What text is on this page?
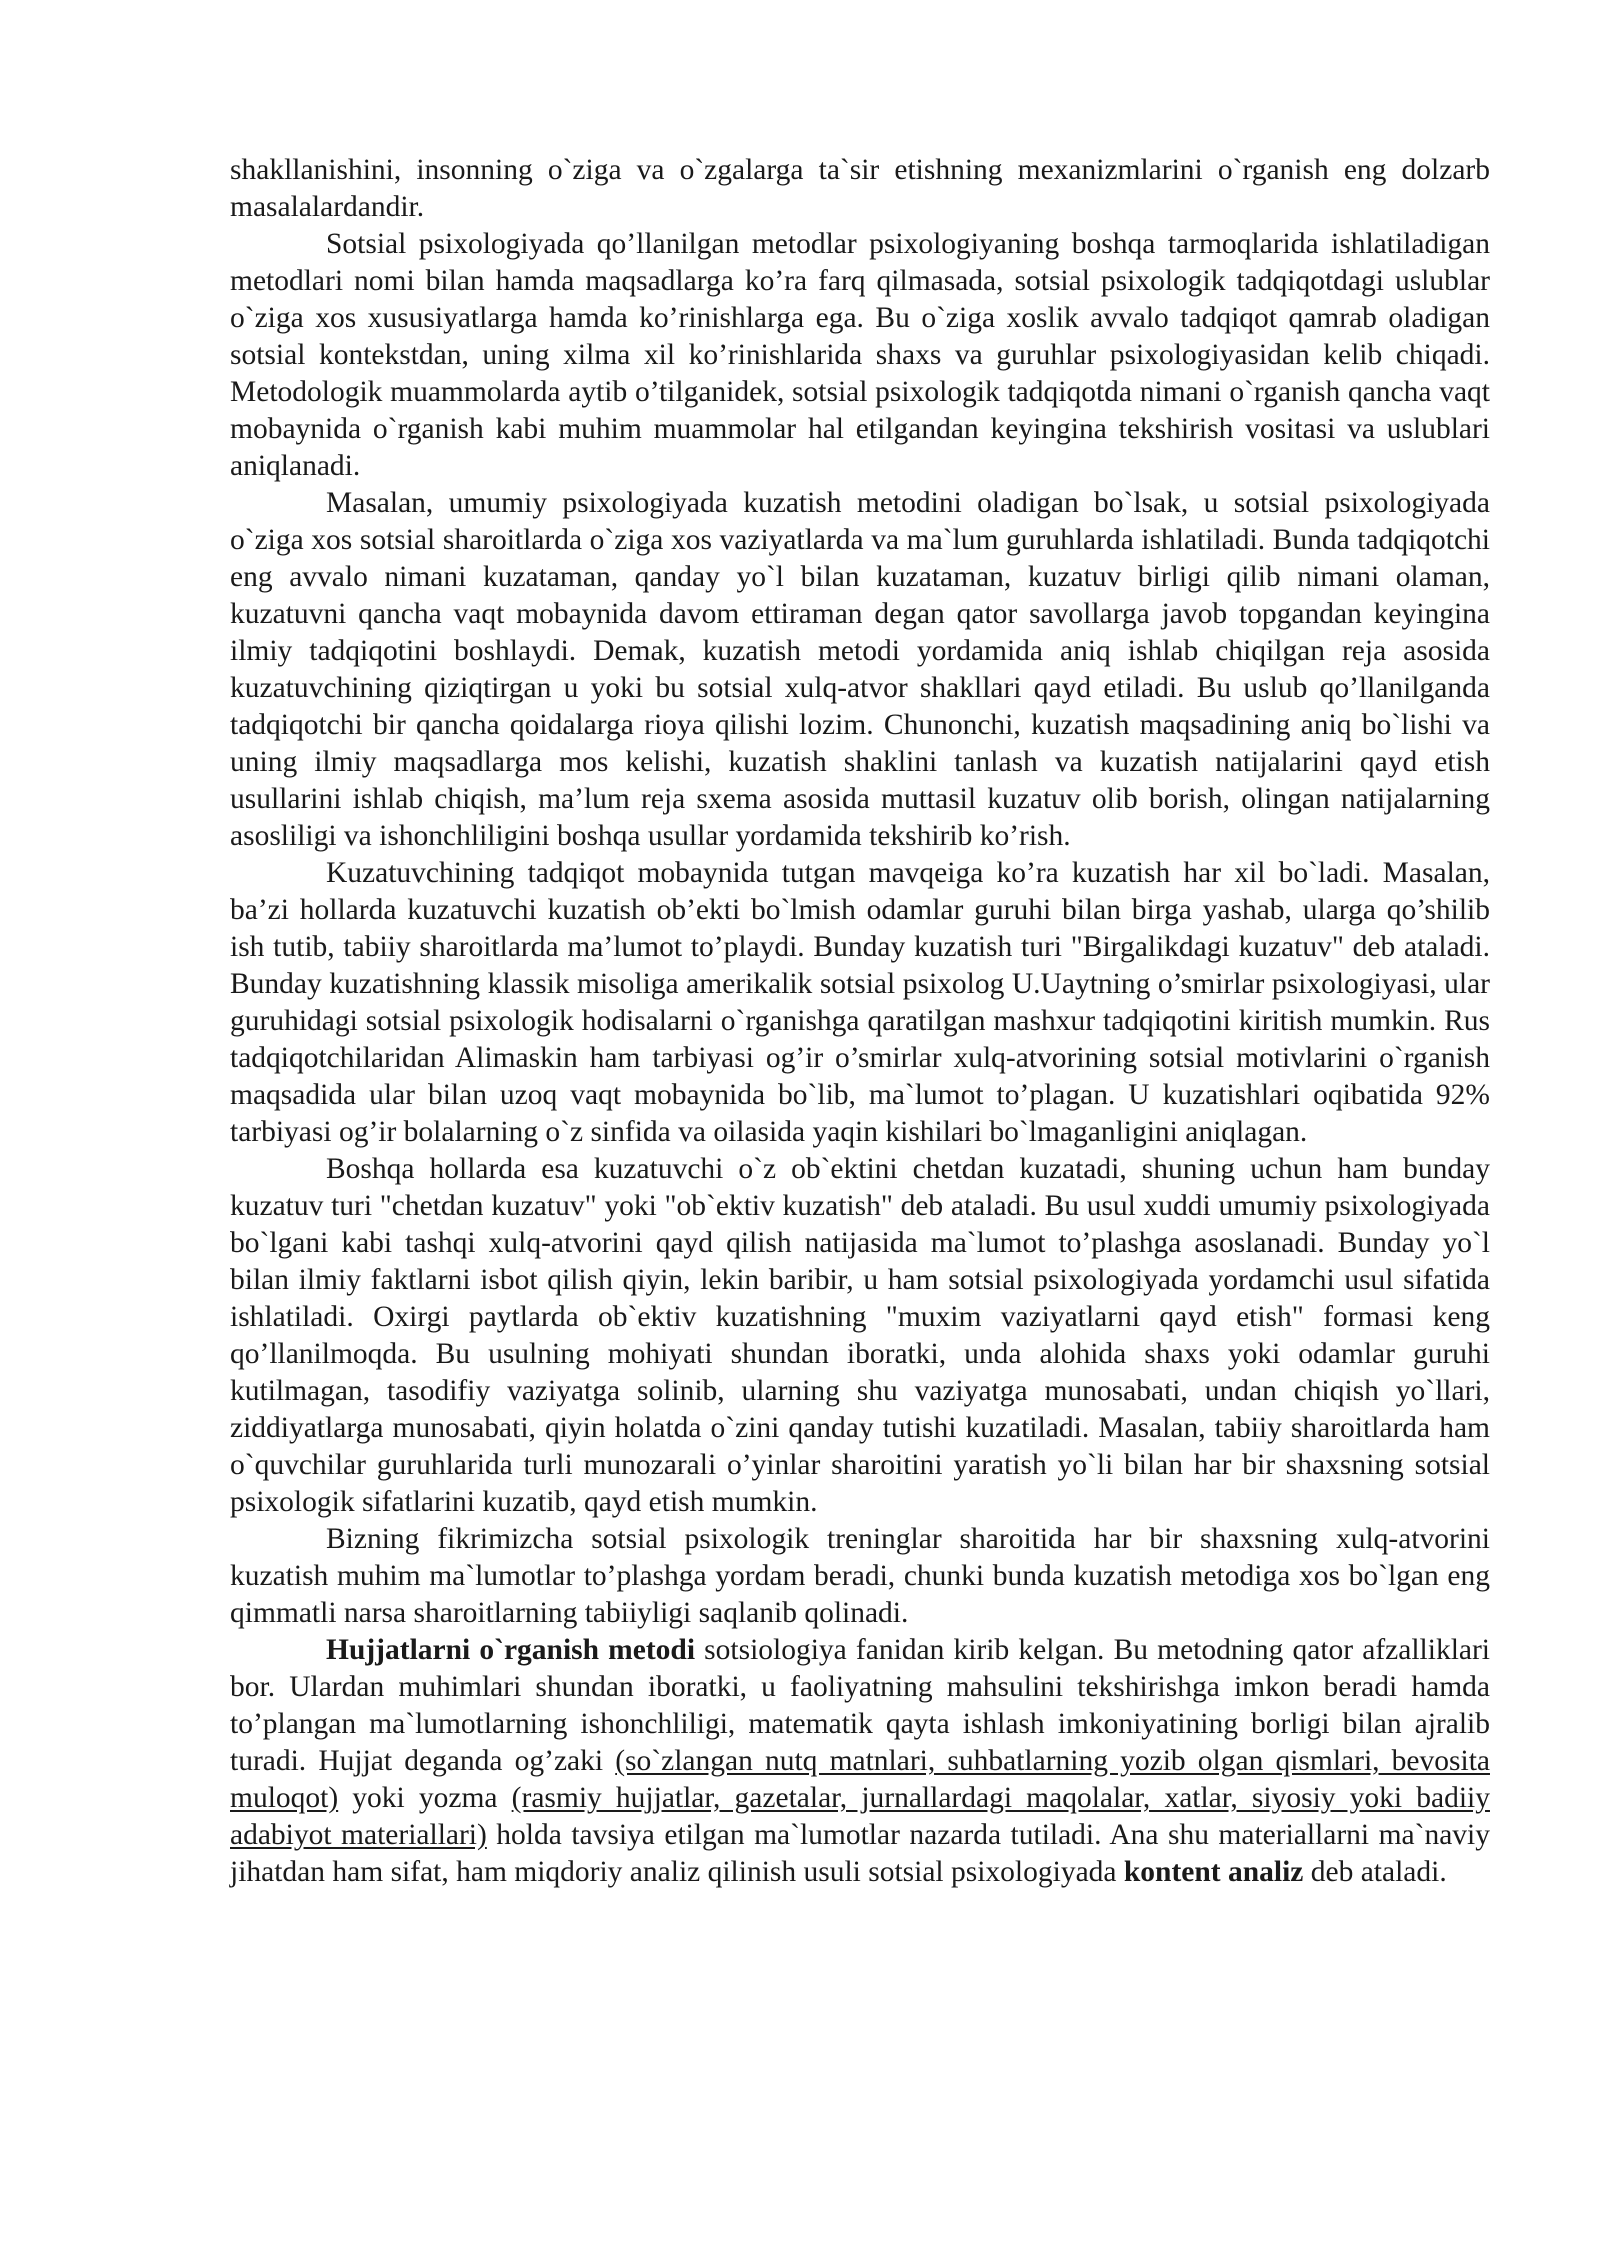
shakllanishini, insonning o`ziga va o`zgalarga ta`sir etishning mexanizmlarini o`rganish eng dolzarb masalalardandir.

Sotsial psixologiyada qo’llanilgan metodlar psixologiyaning boshqa tarmoqlarida ishlatiladigan metodlari nomi bilan hamda maqsadlarga ko’ra farq qilmasada, sotsial psixologik tadqiqotdagi uslublar o`ziga xos xususiyatlarga hamda ko’rinishlarga ega. Bu o`ziga xoslik avvalo tadqiqot qamrab oladigan sotsial kontekstdan, uning xilma xil ko’rinishlarida shaxs va guruhlar psixologiyasidan kelib chiqadi. Metodologik muammolarda aytib o’tilganidek, sotsial psixologik tadqiqotda nimani o`rganish qancha vaqt mobaynida o`rganish kabi muhim muammolar hal etilgandan keyingina tekshirish vositasi va uslublari aniqlanadi.

Masalan, umumiy psixologiyada kuzatish metodini oladigan bo`lsak, u sotsial psixologiyada o`ziga xos sotsial sharoitlarda o`ziga xos vaziyatlarda va ma`lum guruhlarda ishlatiladi. Bunda tadqiqotchi eng avvalo nimani kuzataman, qanday yo`l bilan kuzataman, kuzatuv birligi qilib nimani olaman, kuzatuvni qancha vaqt mobaynida davom ettiraman degan qator savollarga javob topgandan keyingina ilmiy tadqiqotini boshlaydi. Demak, kuzatish metodi yordamida aniq ishlab chiqilgan reja asosida kuzatuvchining qiziqtirgan u yoki bu sotsial xulq-atvor shakllari qayd etiladi. Bu uslub qo’llanilganda tadqiqotchi bir qancha qoidalarga rioya qilishi lozim. Chunonchi, kuzatish maqsadining aniq bo`lishi va uning ilmiy maqsadlarga mos kelishi, kuzatish shaklini tanlash va kuzatish natijalarini qayd etish usullarini ishlab chiqish, ma’lum reja sxema asosida muttasil kuzatuv olib borish, olingan natijalarning asosliligi va ishonchliligini boshqa usullar yordamida tekshirib ko’rish.

Kuzatuvchining tadqiqot mobaynida tutgan mavqeiga ko’ra kuzatish har xil bo`ladi. Masalan, ba’zi hollarda kuzatuvchi kuzatish ob’ekti bo`lmish odamlar guruhi bilan birga yashab, ularga qo’shilib ish tutib, tabiiy sharoitlarda ma’lumot to’playdi. Bunday kuzatish turi "Birgalikdagi kuzatuv" deb ataladi. Bunday kuzatishning klassik misoliga amerikalik sotsial psixolog U.Uaytning o’smirlar psixologiyasi, ular guruhidagi sotsial psixologik hodisalarni o`rganishga qaratilgan mashxur tadqiqotini kiritish mumkin. Rus tadqiqotchilaridan Alimaskin ham tarbiyasi og’ir o’smirlar xulq-atvorining sotsial motivlarini o`rganish maqsadida ular bilan uzoq vaqt mobaynida bo`lib, ma`lumot to’plagan. U kuzatishlari oqibatida 92% tarbiyasi og’ir bolalarning o`z sinfida va oilasida yaqin kishilari bo`lmaganligini aniqlagan.

Boshqa hollarda esa kuzatuvchi o`z ob`ektini chetdan kuzatadi, shuning uchun ham bunday kuzatuv turi "chetdan kuzatuv" yoki "ob`ektiv kuzatish" deb ataladi. Bu usul xuddi umumiy psixologiyada bo`lgani kabi tashqi xulq-atvorini qayd qilish natijasida ma`lumot to’plashga asoslanadi. Bunday yo`l bilan ilmiy faktlarni isbot qilish qiyin, lekin baribir, u ham sotsial psixologiyada yordamchi usul sifatida ishlatiladi. Oxirgi paytlarda ob`ektiv kuzatishning "muxim vaziyatlarni qayd etish" formasi keng qo’llanilmoqda. Bu usulning mohiyati shundan iboratki, unda alohida shaxs yoki odamlar guruhi kutilmagan, tasodifiy vaziyatga solinib, ularning shu vaziyatga munosabati, undan chiqish yo`llari, ziddiyatlarga munosabati, qiyin holatda o`zini qanday tutishi kuzatiladi. Masalan, tabiiy sharoitlarda ham o`quvchilar guruhlarida turli munozarali o’yinlar sharoitini yaratish yo`li bilan har bir shaxsning sotsial psixologik sifatlarini kuzatib, qayd etish mumkin.

Bizning fikrimizcha sotsial psixologik treninglar sharoitida har bir shaxsning xulq-atvorini kuzatish muhim ma`lumotlar to’plashga yordam beradi, chunki bunda kuzatish metodiga xos bo`lgan eng qimmatli narsa sharoitlarning tabiiyligi saqlanib qolinadi.

Hujjatlarni o`rganish metodi sotsiologiya fanidan kirib kelgan. Bu metodning qator afzalliklari bor. Ulardan muhimlari shundan iboratki, u faoliyatning mahsulini tekshirishga imkon beradi hamda to’plangan ma`lumotlarning ishonchliligi, matematik qayta ishlash imkoniyatining borligi bilan ajralib turadi. Hujjat deganda og’zaki (so`zlangan nutq matnlari, suhbatlarning yozib olgan qismlari, bevosita muloqot) yoki yozma (rasmiy hujjatlar, gazetalar, jurnallardagi maqolalar, xatlar, siyosiy yoki badiiy adabiyot materiallari) holda tavsiya etilgan ma`lumotlar nazarda tutiladi. Ana shu materiallarni ma`naviy jihatdan ham sifat, ham miqdoriy analiz qilinish usuli sotsial psixologiyada kontent analiz deb ataladi.
